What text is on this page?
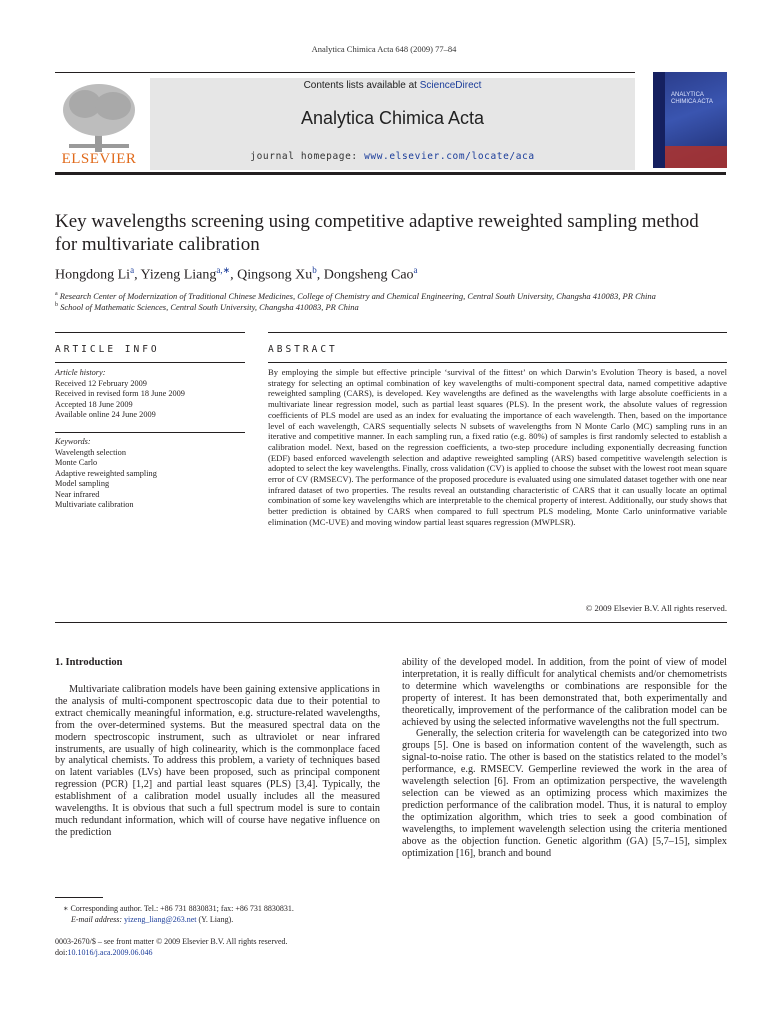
Analytica Chimica Acta 648 (2009) 77–84
ELSEVIER
Contents lists available at ScienceDirect
Analytica Chimica Acta
journal homepage: www.elsevier.com/locate/aca
ANALYTICA
CHIMICA ACTA
Key wavelengths screening using competitive adaptive reweighted sampling method for multivariate calibration
Hongdong Li$^a$, Yizeng Liang$^{a,∗}$, Qingsong Xu$^b$, Dongsheng Cao$^a$
$^a$ Research Center of Modernization of Traditional Chinese Medicines, College of Chemistry and Chemical Engineering, Central South University, Changsha 410083, PR China
$^b$ School of Mathematic Sciences, Central South University, Changsha 410083, PR China
ARTICLE INFO	ABSTRACT
Article history:
Received 12 February 2009
Received in revised form 18 June 2009
Accepted 18 June 2009
Available online 24 June 2009
Keywords:
Wavelength selection
Monte Carlo
Adaptive reweighted sampling
Model sampling
Near infrared
Multivariate calibration
By employing the simple but effective principle ‘survival of the fittest’ on which Darwin’s Evolution Theory is based, a novel strategy for selecting an optimal combination of key wavelengths of multi-component spectral data, named competitive adaptive reweighted sampling (CARS), is developed. Key wavelengths are defined as the wavelengths with large absolute coefficients in a multivariate linear regression model, such as partial least squares (PLS). In the present work, the absolute values of regression coefficients of PLS model are used as an index for evaluating the importance of each wavelength. Then, based on the importance level of each wavelength, CARS sequentially selects N subsets of wavelengths from N Monte Carlo (MC) sampling runs in an iterative and competitive manner. In each sampling run, a fixed ratio (e.g. 80%) of samples is first randomly selected to establish a calibration model. Next, based on the regression coefficients, a two-step procedure including exponentially decreasing function (EDF) based enforced wavelength selection and adaptive reweighted sampling (ARS) based competitive wavelength selection is adopted to select the key wavelengths. Finally, cross validation (CV) is applied to choose the subset with the lowest root mean square error of CV (RMSECV). The performance of the proposed procedure is evaluated using one simulated dataset together with one near infrared dataset of two properties. The results reveal an outstanding characteristic of CARS that it can usually locate an optimal combination of some key wavelengths which are interpretable to the chemical property of interest. Additionally, our study shows that better prediction is obtained by CARS when compared to full spectrum PLS modeling, Monte Carlo uninformative variable elimination (MC-UVE) and moving window partial least squares regression (MWPLSR).
© 2009 Elsevier B.V. All rights reserved.
1. Introduction

Multivariate calibration models have been gaining extensive applications in the analysis of multi-component spectroscopic data due to their potential to extract chemically meaningful information, e.g. structure-related wavelengths, from the over-determined systems. But the measured spectral data on the modern spectroscopic instrument, such as ultraviolet or near infrared instruments, are usually of high colinearity, which is the commonplace faced by analytical chemists. To address this problem, a variety of techniques based on latent variables (LVs) have been proposed, such as principal component regression (PCR) [1,2] and partial least squares (PLS) [3,4]. Typically, the establishment of a calibration model usually includes all the measured wavelengths. It is obvious that such a full spectrum model is sure to contain much redundant information, which will of course have negative influence on the prediction

ability of the developed model. In addition, from the point of view of model interpretation, it is really difficult for analytical chemists and/or chemometrists to determine which wavelengths or combinations are responsible for the property of interest. It has been demonstrated that, both experimentally and theoretically, improvement of the performance of the calibration model can be achieved by using the selected informative wavelengths not the full spectrum.

Generally, the selection criteria for wavelength can be categorized into two groups [5]. One is based on information content of the wavelength, such as signal-to-noise ratio. The other is based on the statistics related to the model’s performance, e.g. RMSECV. Gemperline reviewed the work in the area of wavelength selection [6]. From an optimization perspective, the wavelength selection can be viewed as an optimizing process which maximizes the prediction performance of the calibration model. Thus, it is natural to employ the optimization algorithm, which tries to seek a good combination of wavelengths, to implement wavelength selection using the criteria mentioned above as the objection function. Genetic algorithm (GA) [5,7–15], simplex optimization [16], branch and bound

∗ Corresponding author. Tel.: +86 731 8830831; fax: +86 731 8830831.
E-mail address: yizeng_liang@263.net (Y. Liang).
0003-2670/$ – see front matter © 2009 Elsevier B.V. All rights reserved.
doi:10.1016/j.aca.2009.06.046
